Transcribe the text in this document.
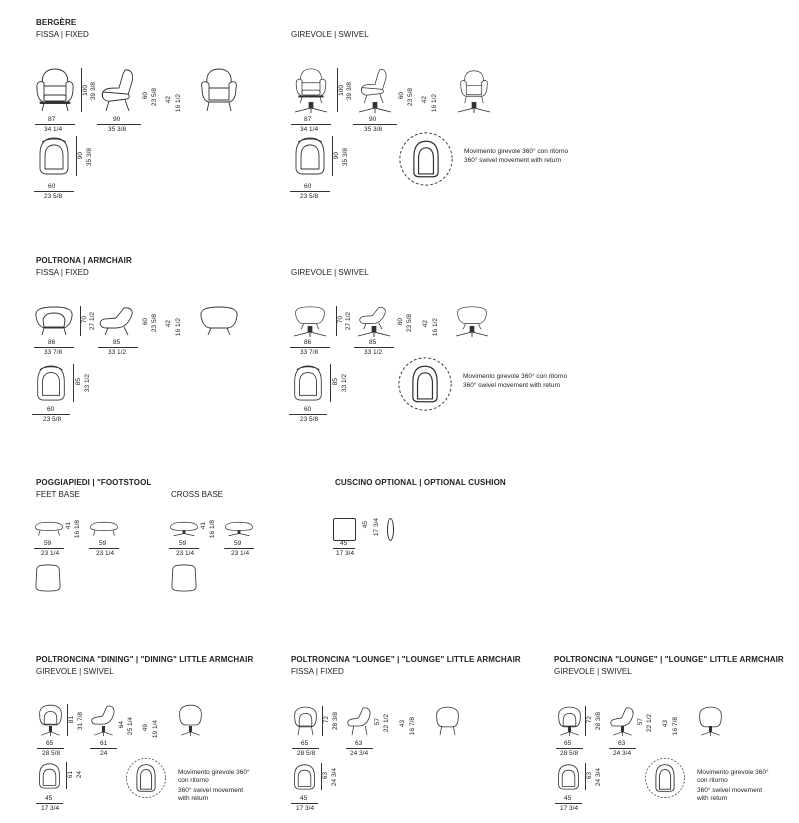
BERGÈRE
FISSA | FIXED	GIREVOLE | SWIVEL
87
34 1/4
100 39 3/8
90
35 3/8
60 23 5/8 42 16 1/2
60
23 5/8
90 35 3/8
87
34 1/4
100 39 3/8
90
35 3/8
60 23 5/8 42 16 1/2
60
23 5/8
90 35 3/8	Movimento girevole 360° con ritorno
360° swivel movement with return
POLTRONA | ARMCHAIR
FISSA | FIXED	GIREVOLE | SWIVEL
86
33 7/8
70 27 1/2
85
33 1/2
60 23 5/8 42 16 1/2
60
23 5/8
85 33 1/2
86
33 7/8
70 27 1/2
85
33 1/2
60 23 5/8 42 16 1/2
60
23 5/8
85 33 1/2	Movimento girevole 360° con ritorno
360° swivel movement with return
POGGIAPIEDI | "FOOTSTOOL
FEET BASE	CROSS BASE
59
23 1/4
59
23 1/4
41 16 1/8
59
23 1/4
59
23 1/4
41 16 1/8
CUSCINO OPTIONAL | OPTIONAL CUSHION
45
17 3/4
45 17 3/4
POLTRONCINA "DINING" | "DINING" LITTLE ARMCHAIR
GIREVOLE | SWIVEL
65
28 5/8
81 31 7/8
61
24
64 25 1/4 49 19 1/4
45
17 3/4
61 24	Movimento girevole 360°
con ritorno
360° swivel movement
with return
POLTRONCINA "LOUNGE" | "LOUNGE" LITTLE ARMCHAIR
FISSA | FIXED
65
28 5/8
72 28 3/8
63
24 3/4
57 22 1/2 43 16 7/8
45
17 3/4
63 24 3/4
POLTRONCINA "LOUNGE" | "LOUNGE" LITTLE ARMCHAIR
GIREVOLE | SWIVEL
65
28 5/8
72 28 3/8
63
24 3/4
57 22 1/2 43 16 7/8
45
17 3/4
63 24 3/4	Movimento girevole 360°
con ritorno
360° swivel movement
with return
